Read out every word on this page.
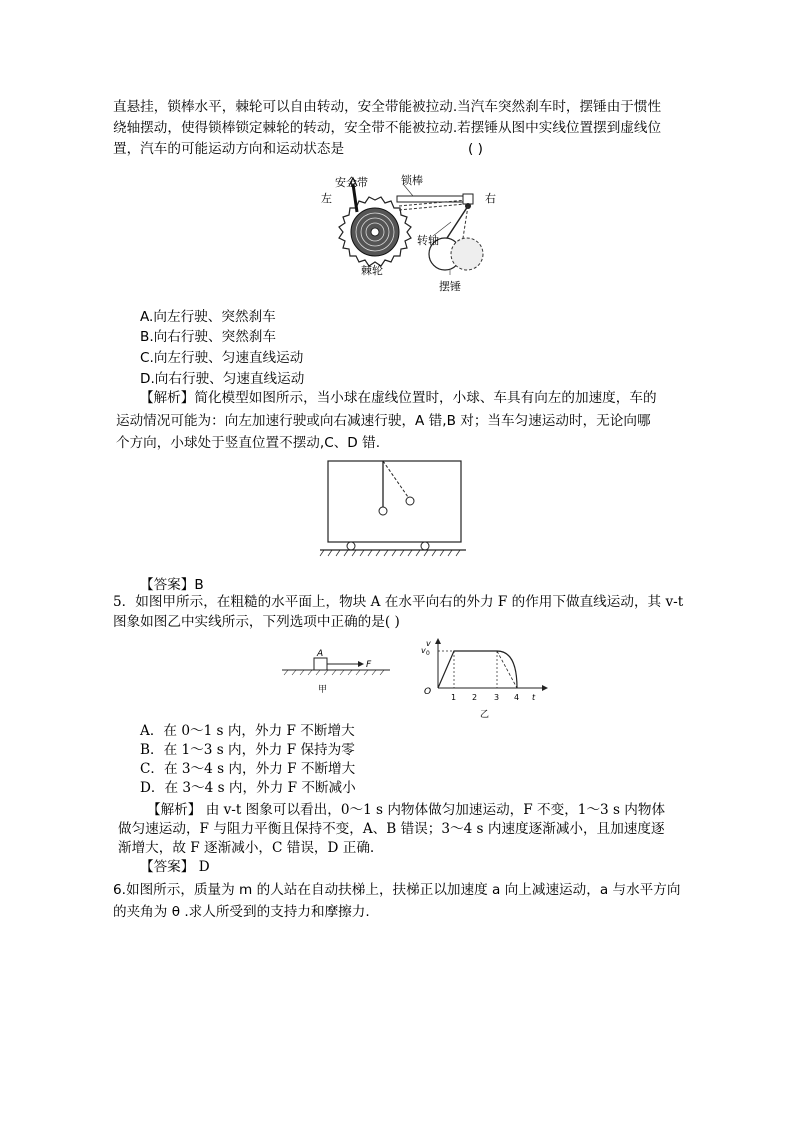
直悬挂，锁棒水平，棘轮可以自由转动，安全带能被拉动.当汽车突然刹车时，摆锤由于惯性
绕轴摆动，使得锁棒锁定棘轮的转动，安全带不能被拉动.若摆锤从图中实线位置摆到虚线位
置，汽车的可能运动方向和运动状态是	( )
安全带
左
锁棒
右
转轴
棘轮
摆锤
A.向左行驶、突然刹车
B.向右行驶、突然刹车
C.向左行驶、匀速直线运动
D.向右行驶、匀速直线运动
【解析】简化模型如图所示，当小球在虚线位置时，小球、车具有向左的加速度，车的
运动情况可能为：向左加速行驶或向右减速行驶，A 错,B 对；当车匀速运动时，无论向哪
个方向，小球处于竖直位置不摆动,C、D 错.
【答案】B
5．如图甲所示，在粗糙的水平面上，物块 A 在水平向右的外力 F 的作用下做直线运动，其 v-t
图象如图乙中实线所示，下列选项中正确的是( )
A
F
甲	O
v
t
v 0
1 2 3 4
乙
A．在 0～1 s 内，外力 F 不断增大
B．在 1～3 s 内，外力 F 保持为零
C．在 3～4 s 内，外力 F 不断增大
D．在 3～4 s 内，外力 F 不断减小
【解析】 由 v-t 图象可以看出，0～1 s 内物体做匀加速运动，F 不变，1～3 s 内物体
做匀速运动，F 与阻力平衡且保持不变，A、B 错误；3～4 s 内速度逐渐减小，且加速度逐
渐增大，故 F 逐渐减小，C 错误，D 正确.
【答案】 D
6.如图所示，质量为 m 的人站在自动扶梯上，扶梯正以加速度 a 向上减速运动，a 与水平方向
的夹角为 θ .求人所受到的支持力和摩擦力.
